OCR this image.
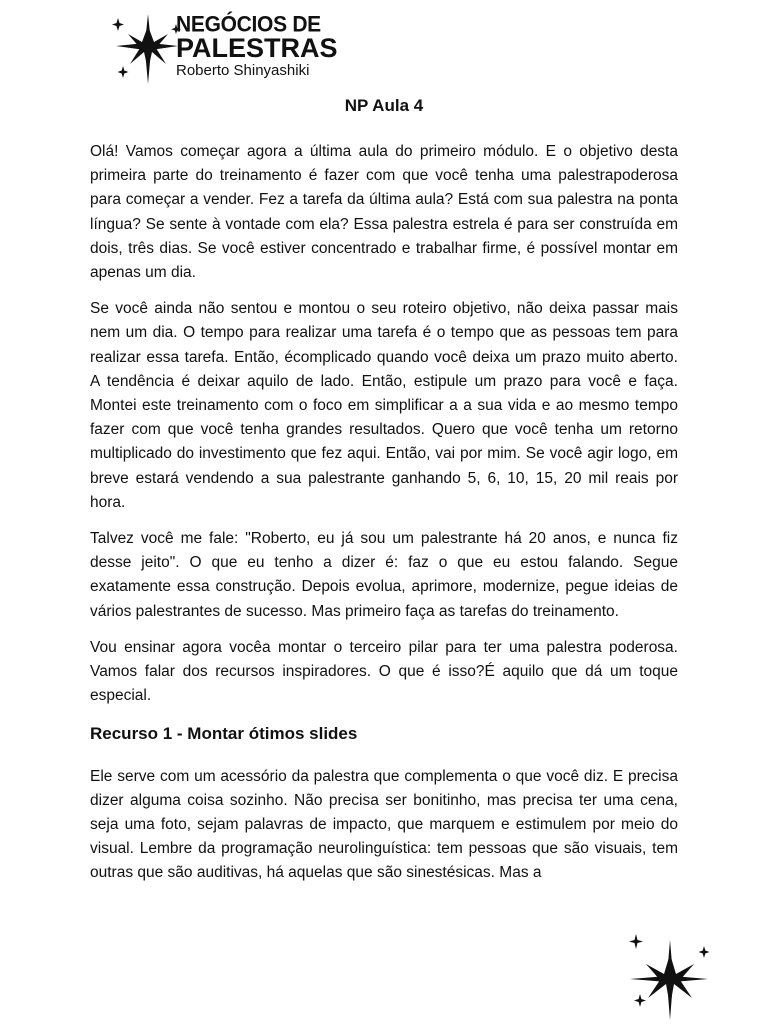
NEGÓCIOS DE
PALESTRAS
Roberto Shinyashiki
NP Aula 4

Olá! Vamos começar agora a última aula do primeiro módulo. E o objetivo desta primeira parte do treinamento é fazer com que você tenha uma palestrapoderosa para começar a vender. Fez a tarefa da última aula? Está com sua palestra na ponta língua? Se sente à vontade com ela? Essa palestra estrela é para ser construída em dois, três dias. Se você estiver concentrado e trabalhar firme, é possível montar em apenas um dia.

Se você ainda não sentou e montou o seu roteiro objetivo, não deixa passar mais nem um dia. O tempo para realizar uma tarefa é o tempo que as pessoas tem para realizar essa tarefa. Então, écomplicado quando você deixa um prazo muito aberto. A tendência é deixar aquilo de lado. Então, estipule um prazo para você e faça. Montei este treinamento com o foco em simplificar a a sua vida e ao mesmo tempo fazer com que você tenha grandes resultados. Quero que você tenha um retorno multiplicado do investimento que fez aqui. Então, vai por mim. Se você agir logo, em breve estará vendendo a sua palestrante ganhando 5, 6, 10, 15, 20 mil reais por hora.

Talvez você me fale: "Roberto, eu já sou um palestrante há 20 anos, e nunca fiz desse jeito". O que eu tenho a dizer é: faz o que eu estou falando. Segue exatamente essa construção. Depois evolua, aprimore, modernize, pegue ideias de vários palestrantes de sucesso. Mas primeiro faça as tarefas do treinamento.

Vou ensinar agora vocêa montar o terceiro pilar para ter uma palestra poderosa. Vamos falar dos recursos inspiradores. O que é isso?É aquilo que dá um toque especial.

Recurso 1 - Montar ótimos slides

Ele serve com um acessório da palestra que complementa o que você diz. E precisa dizer alguma coisa sozinho. Não precisa ser bonitinho, mas precisa ter uma cena, seja uma foto, sejam palavras de impacto, que marquem e estimulem por meio do visual. Lembre da programação neurolinguística: tem pessoas que são visuais, tem outras que são auditivas, há aquelas que são sinestésicas. Mas a
